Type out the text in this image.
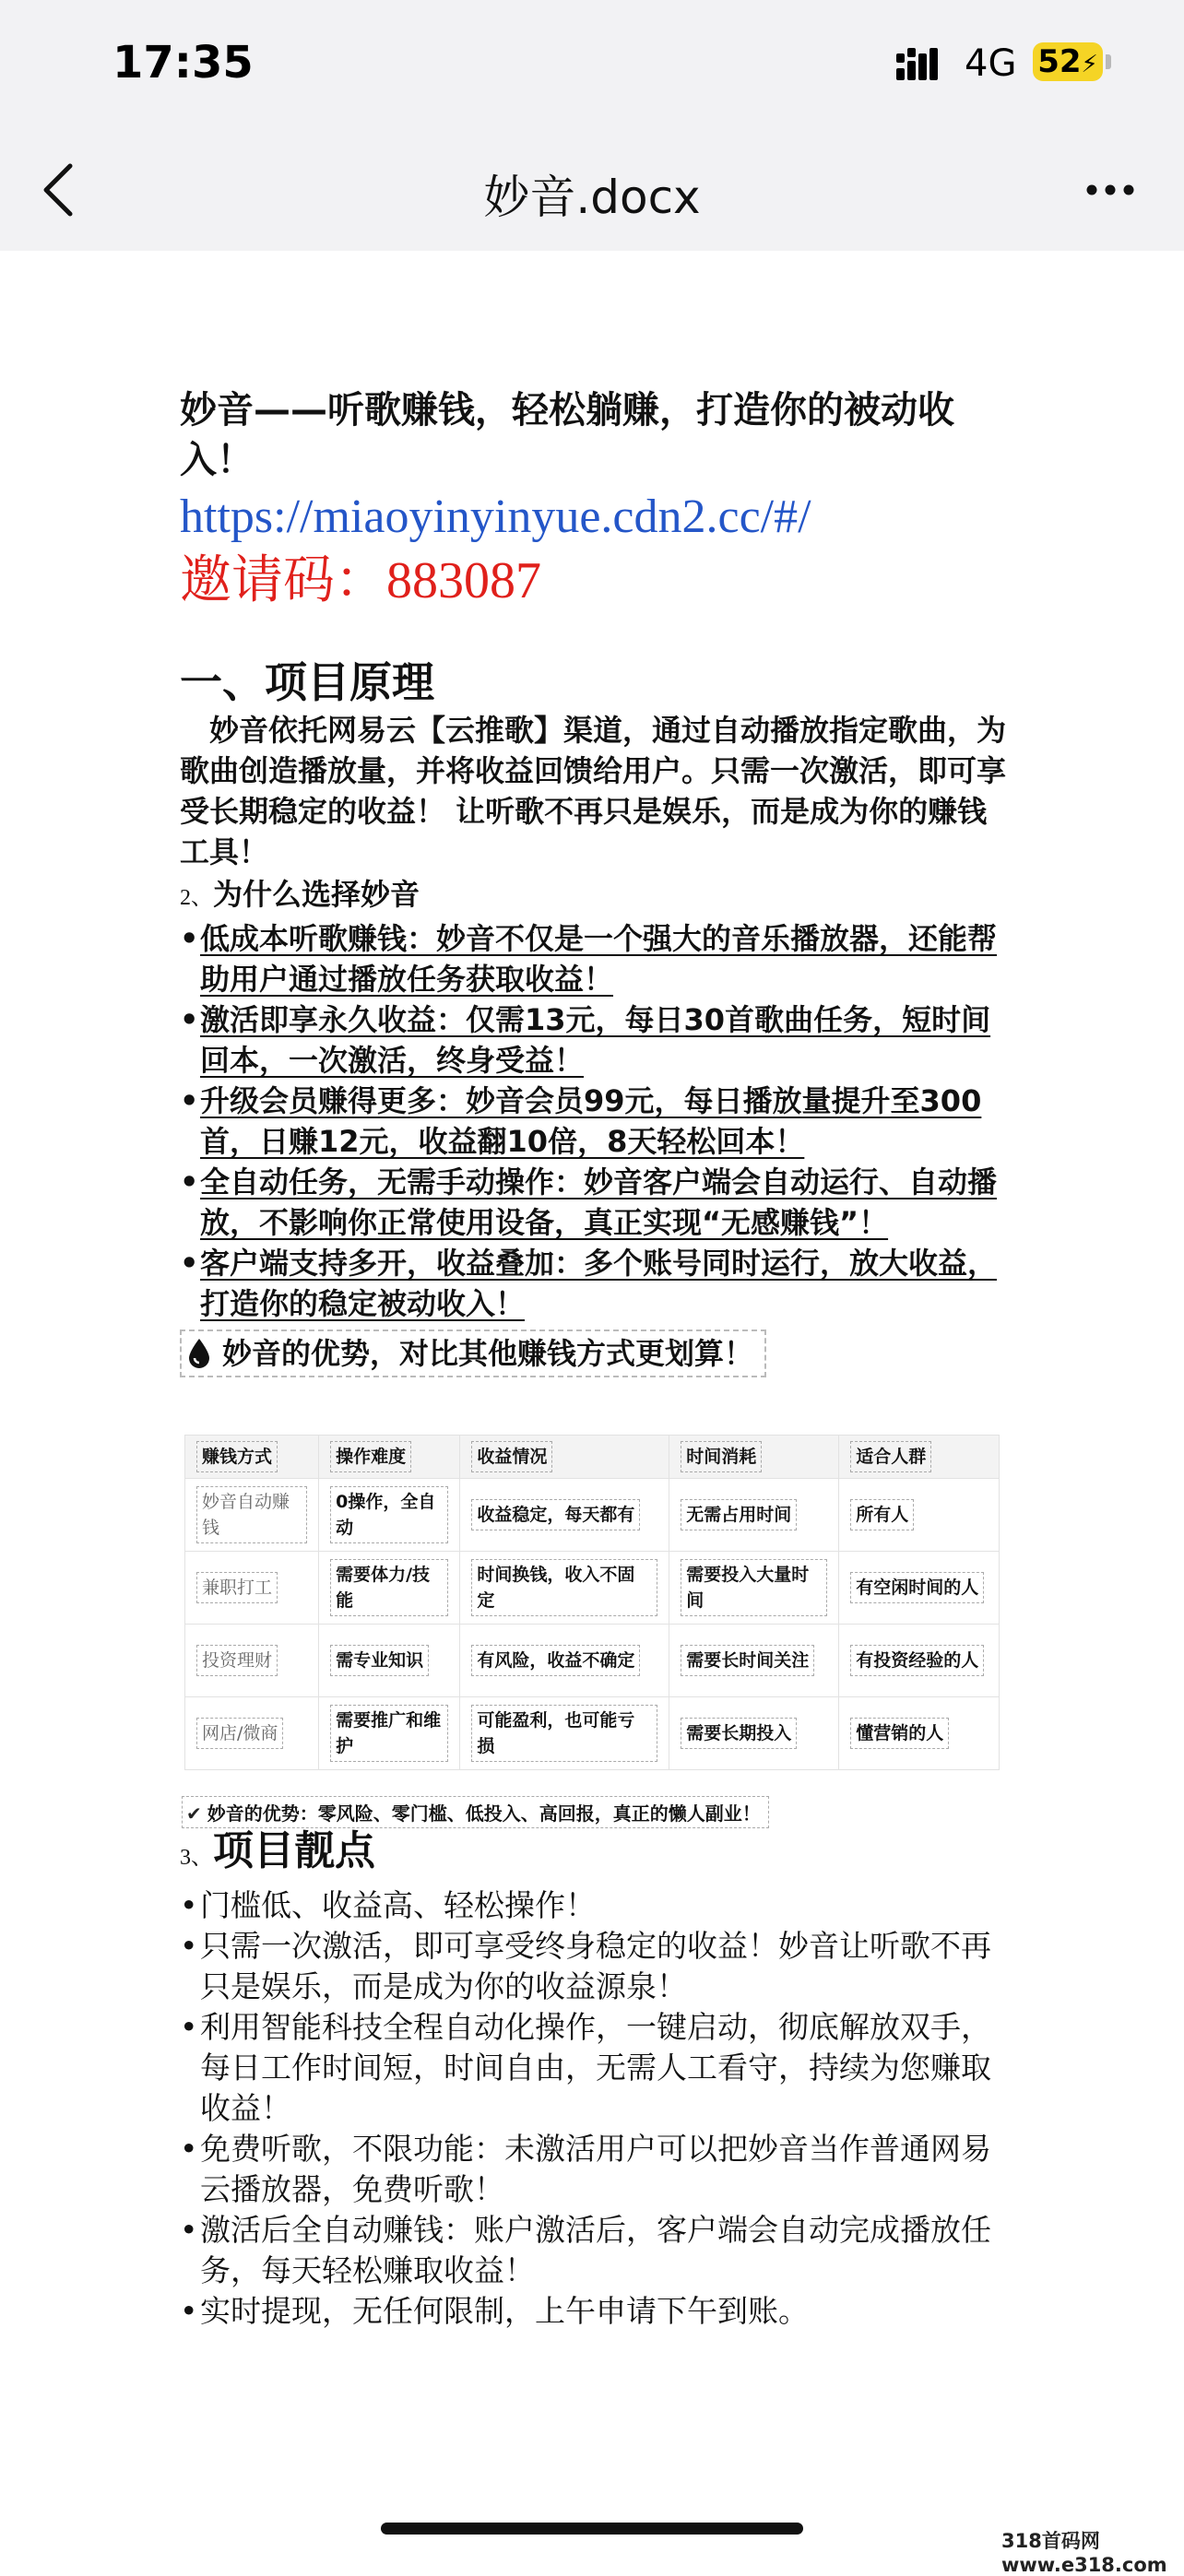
17:35	4G 52⚡
妙音.docx

妙音——听歌赚钱，轻松躺赚，打造你的被动收入！

https://miaoyinyinyue.cdn2.cc/#/
邀请码：883087
一、项目原理

妙音依托网易云【云推歌】渠道，通过自动播放指定歌曲，为歌曲创造播放量，并将收益回馈给用户。只需一次激活，即可享受长期稳定的收益！ 让听歌不再只是娱乐，而是成为你的赚钱工具！

2、为什么选择妙音
• 低成本听歌赚钱：妙音不仅是一个强大的音乐播放器，还能帮助用户通过播放任务获取收益！
• 激活即享永久收益：仅需13元，每日30首歌曲任务，短时间回本，一次激活，终身受益！
• 升级会员赚得更多：妙音会员99元，每日播放量提升至300首，日赚12元，收益翻10倍，8天轻松回本！
• 全自动任务，无需手动操作：妙音客户端会自动运行、自动播放，不影响你正常使用设备，真正实现“无感赚钱”！
• 客户端支持多开，收益叠加：多个账号同时运行，放大收益，打造你的稳定被动收入！
妙音的优势，对比其他赚钱方式更划算！
赚钱方式	操作难度	收益情况	时间消耗	适合人群
妙音自动赚钱	0操作，全自动	收益稳定，每天都有	无需占用时间	所有人
兼职打工	需要体力/技能	时间换钱，收入不固定	需要投入大量时间	有空闲时间的人
投资理财	需专业知识	有风险，收益不确定	需要长时间关注	有投资经验的人
网店/微商	需要推广和维护	可能盈利，也可能亏损	需要长期投入	懂营销的人
✔ 妙音的优势：零风险、零门槛、低投入、高回报，真正的懒人副业！
3、项目靓点
• 门槛低、收益高、轻松操作！
• 只需一次激活，即可享受终身稳定的收益！妙音让听歌不再只是娱乐，而是成为你的收益源泉！
• 利用智能科技全程自动化操作，一键启动，彻底解放双手，每日工作时间短，时间自由，无需人工看守，持续为您赚取收益！
• 免费听歌，不限功能：未激活用户可以把妙音当作普通网易云播放器，免费听歌！
• 激活后全自动赚钱：账户激活后，客户端会自动完成播放任务，每天轻松赚取收益！
• 实时提现，无任何限制，上午申请下午到账。
318首码网 www.e318.com
